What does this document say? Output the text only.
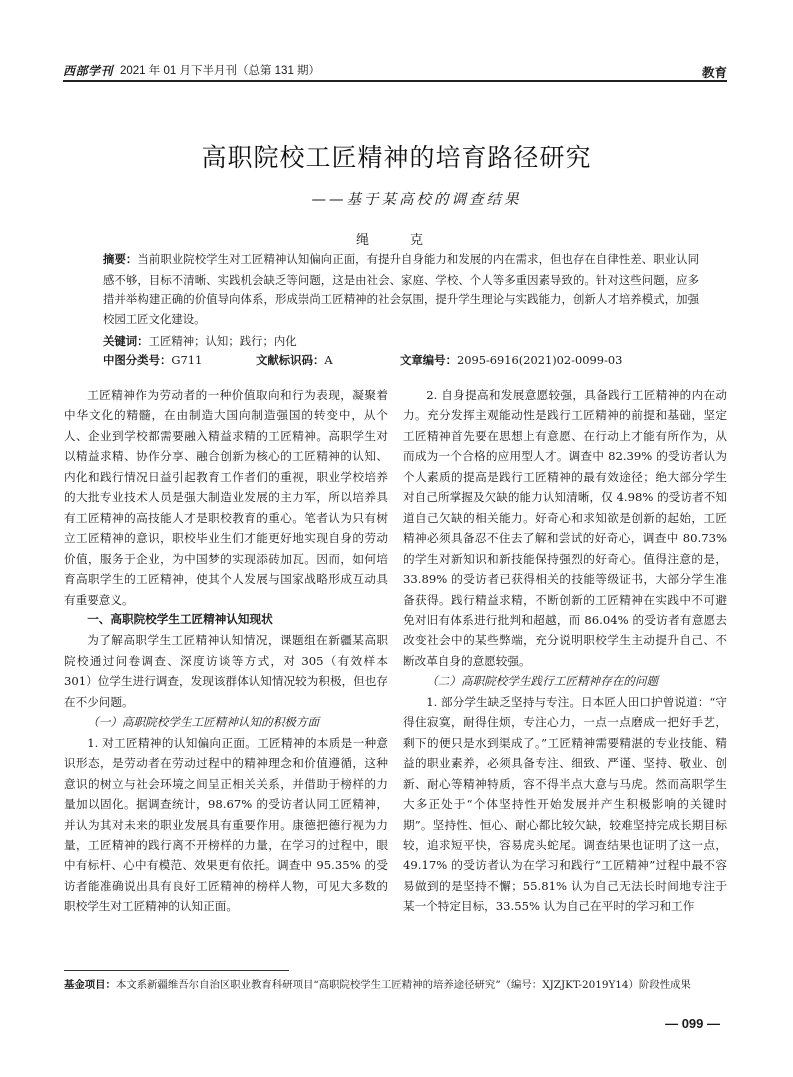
西部学刊 2021 年 01 月下半月刊（总第 131 期）	教育
高职院校工匠精神的培育路径研究
——基于某高校的调查结果
绳　克
摘要：当前职业院校学生对工匠精神认知偏向正面，有提升自身能力和发展的内在需求，但也存在自律性差、职业认同感不够，目标不清晰、实践机会缺乏等问题，这是由社会、家庭、学校、个人等多重因素导致的。针对这些问题，应多措并举构建正确的价值导向体系，形成崇尚工匠精神的社会氛围，提升学生理论与实践能力，创新人才培养模式，加强校园工匠文化建设。
关键词：工匠精神；认知；践行；内化
中图分类号：G711	文献标识码：A	文章编号：2095-6916(2021)02-0099-03

工匠精神作为劳动者的一种价值取向和行为表现，凝聚着中华文化的精髓，在由制造大国向制造强国的转变中，从个人、企业到学校都需要融入精益求精的工匠精神。高职学生对以精益求精、协作分享、融合创新为核心的工匠精神的认知、内化和践行情况日益引起教育工作者们的重视，职业学校培养的大批专业技术人员是强大制造业发展的主力军，所以培养具有工匠精神的高技能人才是职校教育的重心。笔者认为只有树立工匠精神的意识，职校毕业生们才能更好地实现自身的劳动价值，服务于企业，为中国梦的实现添砖加瓦。因而，如何培育高职学生的工匠精神，使其个人发展与国家战略形成互动具有重要意义。

一、高职院校学生工匠精神认知现状

为了解高职学生工匠精神认知情况，课题组在新疆某高职院校通过问卷调查、深度访谈等方式，对 305（有效样本 301）位学生进行调查，发现该群体认知情况较为积极，但也存在不少问题。

（一）高职院校学生工匠精神认知的积极方面

1. 对工匠精神的认知偏向正面。工匠精神的本质是一种意识形态，是劳动者在劳动过程中的精神理念和价值遵循，这种意识的树立与社会环境之间呈正相关关系，并借助于榜样的力量加以固化。据调查统计，98.67% 的受访者认同工匠精神，并认为其对未来的职业发展具有重要作用。康德把德行视为力量，工匠精神的践行离不开榜样的力量，在学习的过程中，眼中有标杆、心中有模范、效果更有依托。调查中 95.35% 的受访者能准确说出具有良好工匠精神的榜样人物，可见大多数的职校学生对工匠精神的认知正面。

2. 自身提高和发展意愿较强，具备践行工匠精神的内在动力。充分发挥主观能动性是践行工匠精神的前提和基础，坚定工匠精神首先要在思想上有意愿、在行动上才能有所作为，从而成为一个合格的应用型人才。调查中 82.39% 的受访者认为个人素质的提高是践行工匠精神的最有效途径；绝大部分学生对自己所掌握及欠缺的能力认知清晰，仅 4.98% 的受访者不知道自己欠缺的相关能力。好奇心和求知欲是创新的起始，工匠精神必须具备忍不住去了解和尝试的好奇心，调查中 80.73% 的学生对新知识和新技能保持强烈的好奇心。值得注意的是，33.89% 的受访者已获得相关的技能等级证书，大部分学生准备获得。践行精益求精，不断创新的工匠精神在实践中不可避免对旧有体系进行批判和超越，而 86.04% 的受访者有意愿去改变社会中的某些弊端，充分说明职校学生主动提升自己、不断改革自身的意愿较强。

（二）高职院校学生践行工匠精神存在的问题

1. 部分学生缺乏坚持与专注。日本匠人田口护曾说道：“守得住寂寞，耐得住烦，专注心力，一点一点磨成一把好手艺，剩下的便只是水到渠成了。”工匠精神需要精湛的专业技能、精益的职业素养，必须具备专注、细致、严谨、坚持、敬业、创新、耐心等精神特质，容不得半点大意与马虎。然而高职学生大多正处于“个体坚持性开始发展并产生积极影响的关键时期”。坚持性、恒心、耐心都比较欠缺，较难坚持完成长期目标较，追求短平快，容易虎头蛇尾。调查结果也证明了这一点，49.17% 的受访者认为在学习和践行“工匠精神”过程中最不容易做到的是坚持不懈；55.81% 认为自己无法长时间地专注于某一个特定目标，33.55% 认为自己在平时的学习和工作

基金项目：本文系新疆维吾尔自治区职业教育科研项目“高职院校学生工匠精神的培养途径研究”（编号：XJZJKT-2019Y14）阶段性成果
— 099 —
